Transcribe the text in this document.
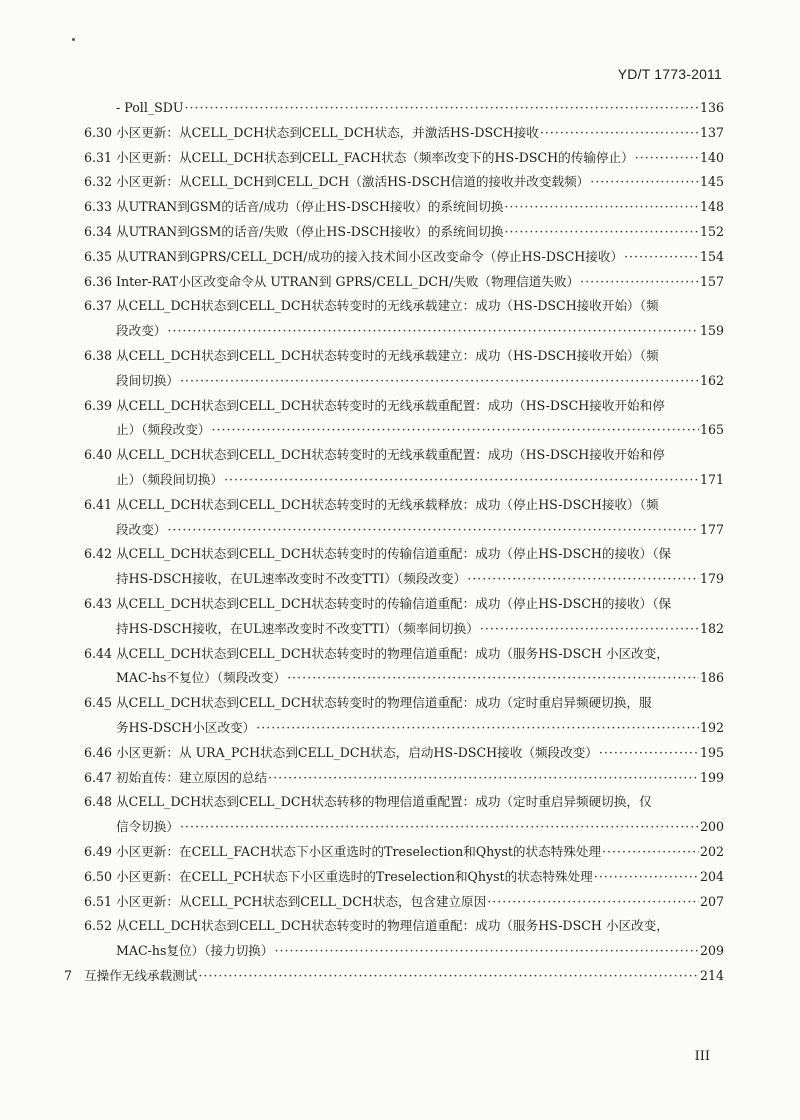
YD/T 1773-2011
- Poll_SDU ·····	136
6.30 小区更新：从CELL_DCH状态到CELL_DCH状态，并激活HS-DSCH接收 ·····	137
6.31 小区更新：从CELL_DCH状态到CELL_FACH状态（频率改变下的HS-DSCH的传输停止） ·····	140
6.32 小区更新：从CELL_DCH到CELL_DCH（激活HS-DSCH信道的接收并改变载频） ·····	145
6.33 从UTRAN到GSM的话音/成功（停止HS-DSCH接收）的系统间切换 ·····	148
6.34 从UTRAN到GSM的话音/失败（停止HS-DSCH接收）的系统间切换 ·····	152
6.35 从UTRAN到GPRS/CELL_DCH/成功的接入技术间小区改变命令（停止HS-DSCH接收） ·····	154
6.36 Inter-RAT小区改变命令从 UTRAN到 GPRS/CELL_DCH/失败（物理信道失败） ·····	157
6.37 从CELL_DCH状态到CELL_DCH状态转变时的无线承载建立：成功（HS-DSCH接收开始）（频
段改变） ·····	159
6.38 从CELL_DCH状态到CELL_DCH状态转变时的无线承载建立：成功（HS-DSCH接收开始）（频
段间切换） ·····	162
6.39 从CELL_DCH状态到CELL_DCH状态转变时的无线承载重配置：成功（HS-DSCH接收开始和停
止）（频段改变） ·····	165
6.40 从CELL_DCH状态到CELL_DCH状态转变时的无线承载重配置：成功（HS-DSCH接收开始和停
止）（频段间切换） ·····	171
6.41 从CELL_DCH状态到CELL_DCH状态转变时的无线承载释放：成功（停止HS-DSCH接收）（频
段改变） ·····	177
6.42 从CELL_DCH状态到CELL_DCH状态转变时的传输信道重配：成功（停止HS-DSCH的接收）（保
持HS-DSCH接收，在UL速率改变时不改变TTI）（频段改变） ·····	179
6.43 从CELL_DCH状态到CELL_DCH状态转变时的传输信道重配：成功（停止HS-DSCH的接收）（保
持HS-DSCH接收，在UL速率改变时不改变TTI）（频率间切换） ·····	182
6.44 从CELL_DCH状态到CELL_DCH状态转变时的物理信道重配：成功（服务HS-DSCH 小区改变，
MAC-hs不复位）（频段改变） ·····	186
6.45 从CELL_DCH状态到CELL_DCH状态转变时的物理信道重配：成功（定时重启异频硬切换，服
务HS-DSCH小区改变） ·····	192
6.46 小区更新：从 URA_PCH状态到CELL_DCH状态，启动HS-DSCH接收（频段改变） ·····	195
6.47 初始直传：建立原因的总结 ·····	199
6.48 从CELL_DCH状态到CELL_DCH状态转移的物理信道重配置：成功（定时重启异频硬切换，仅
信令切换） ·····	200
6.49 小区更新：在CELL_FACH状态下小区重选时的Treselection和Qhyst的状态特殊处理 ·····	202
6.50 小区更新：在CELL_PCH状态下小区重选时的Treselection和Qhyst的状态特殊处理 ·····	204
6.51 小区更新：从CELL_PCH状态到CELL_DCH状态，包含建立原因 ·····	207
6.52 从CELL_DCH状态到CELL_DCH状态转变时的物理信道重配：成功（服务HS-DSCH 小区改变，
MAC-hs复位）（接力切换） ·····	209
7 互操作无线承载测试 ·····	214
III
